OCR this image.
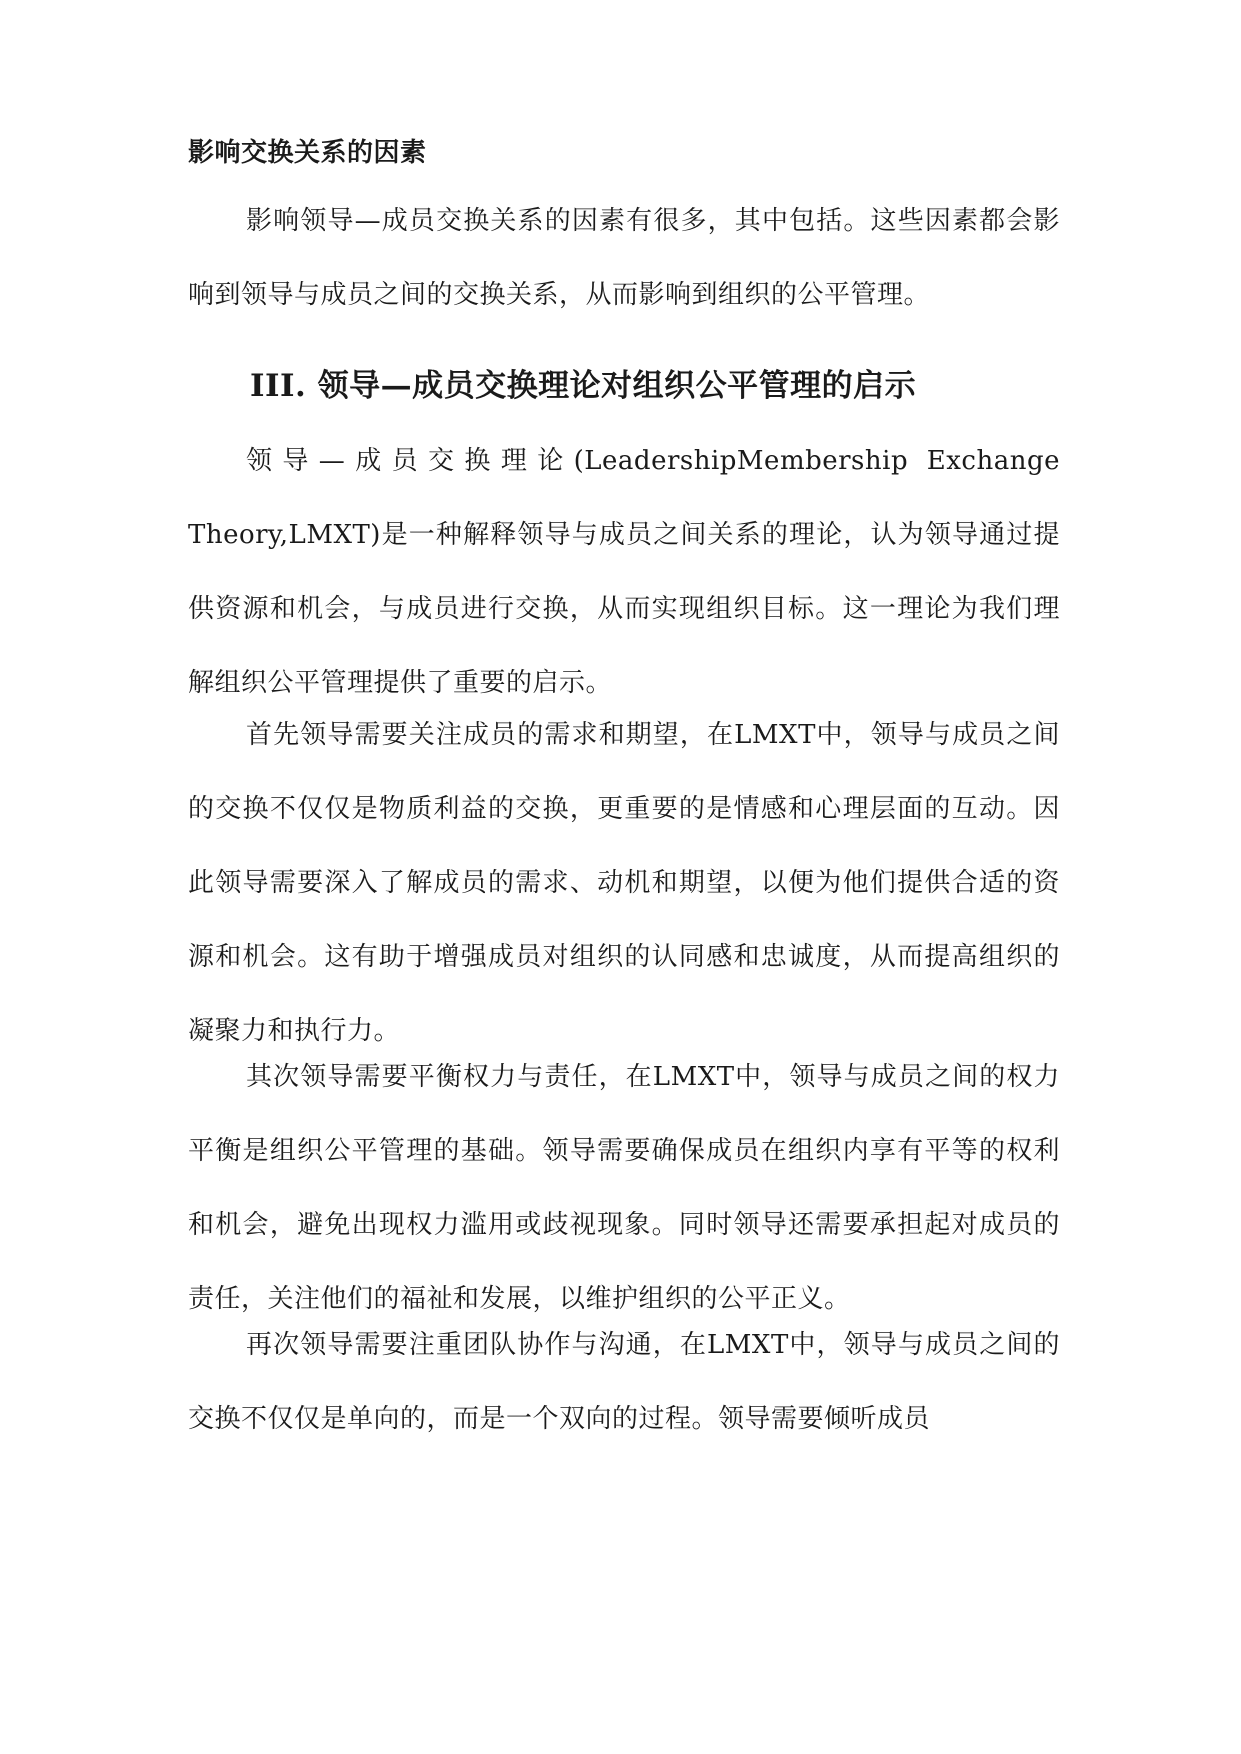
影响交换关系的因素

影响领导—成员交换关系的因素有很多，其中包括。这些因素都会影响到领导与成员之间的交换关系，从而影响到组织的公平管理。

III. 领导—成员交换理论对组织公平管理的启示

领导—成员交换理论(LeadershipMembership Exchange Theory,LMXT)是一种解释领导与成员之间关系的理论，认为领导通过提供资源和机会，与成员进行交换，从而实现组织目标。这一理论为我们理解组织公平管理提供了重要的启示。

首先领导需要关注成员的需求和期望，在LMXT中，领导与成员之间的交换不仅仅是物质利益的交换，更重要的是情感和心理层面的互动。因此领导需要深入了解成员的需求、动机和期望，以便为他们提供合适的资源和机会。这有助于增强成员对组织的认同感和忠诚度，从而提高组织的凝聚力和执行力。

其次领导需要平衡权力与责任，在LMXT中，领导与成员之间的权力平衡是组织公平管理的基础。领导需要确保成员在组织内享有平等的权利和机会，避免出现权力滥用或歧视现象。同时领导还需要承担起对成员的责任，关注他们的福祉和发展，以维护组织的公平正义。

再次领导需要注重团队协作与沟通，在LMXT中，领导与成员之间的交换不仅仅是单向的，而是一个双向的过程。领导需要倾听成员
